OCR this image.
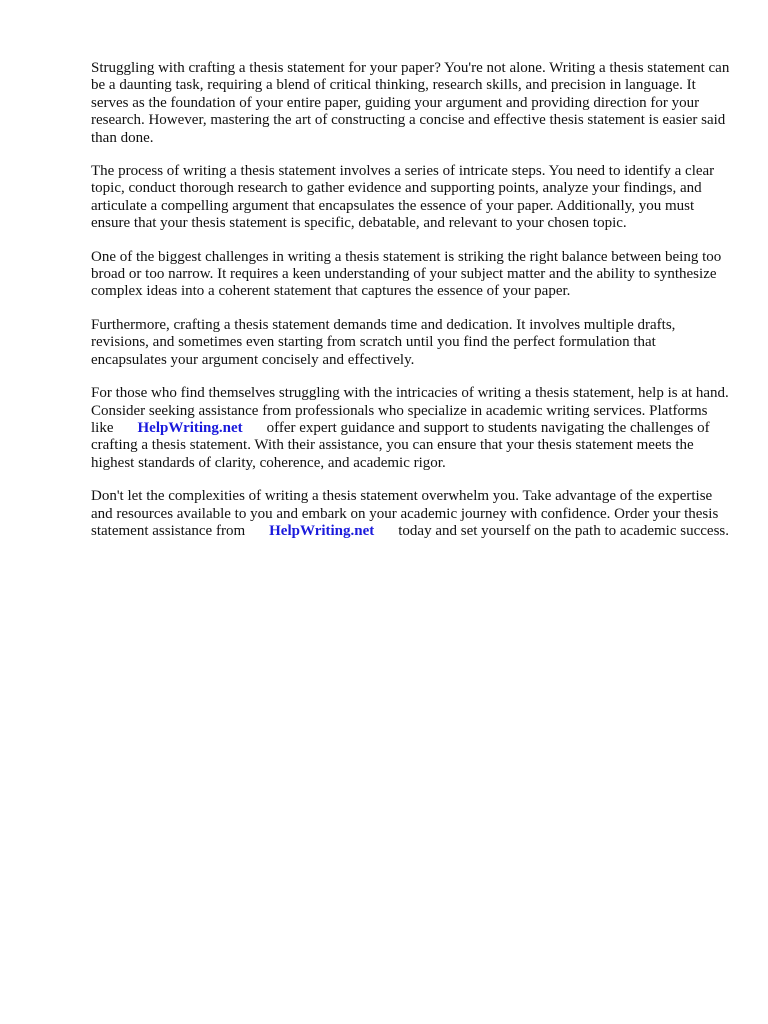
Struggling with crafting a thesis statement for your paper? You're not alone. Writing a thesis statement can be a daunting task, requiring a blend of critical thinking, research skills, and precision in language. It serves as the foundation of your entire paper, guiding your argument and providing direction for your research. However, mastering the art of constructing a concise and effective thesis statement is easier said than done.

The process of writing a thesis statement involves a series of intricate steps. You need to identify a clear topic, conduct thorough research to gather evidence and supporting points, analyze your findings, and articulate a compelling argument that encapsulates the essence of your paper. Additionally, you must ensure that your thesis statement is specific, debatable, and relevant to your chosen topic.

One of the biggest challenges in writing a thesis statement is striking the right balance between being too broad or too narrow. It requires a keen understanding of your subject matter and the ability to synthesize complex ideas into a coherent statement that captures the essence of your paper.

Furthermore, crafting a thesis statement demands time and dedication. It involves multiple drafts, revisions, and sometimes even starting from scratch until you find the perfect formulation that encapsulates your argument concisely and effectively.

For those who find themselves struggling with the intricacies of writing a thesis statement, help is at hand. Consider seeking assistance from professionals who specialize in academic writing services. Platforms like HelpWriting.net offer expert guidance and support to students navigating the challenges of crafting a thesis statement. With their assistance, you can ensure that your thesis statement meets the highest standards of clarity, coherence, and academic rigor.

Don't let the complexities of writing a thesis statement overwhelm you. Take advantage of the expertise and resources available to you and embark on your academic journey with confidence. Order your thesis statement assistance from HelpWriting.net today and set yourself on the path to academic success.
